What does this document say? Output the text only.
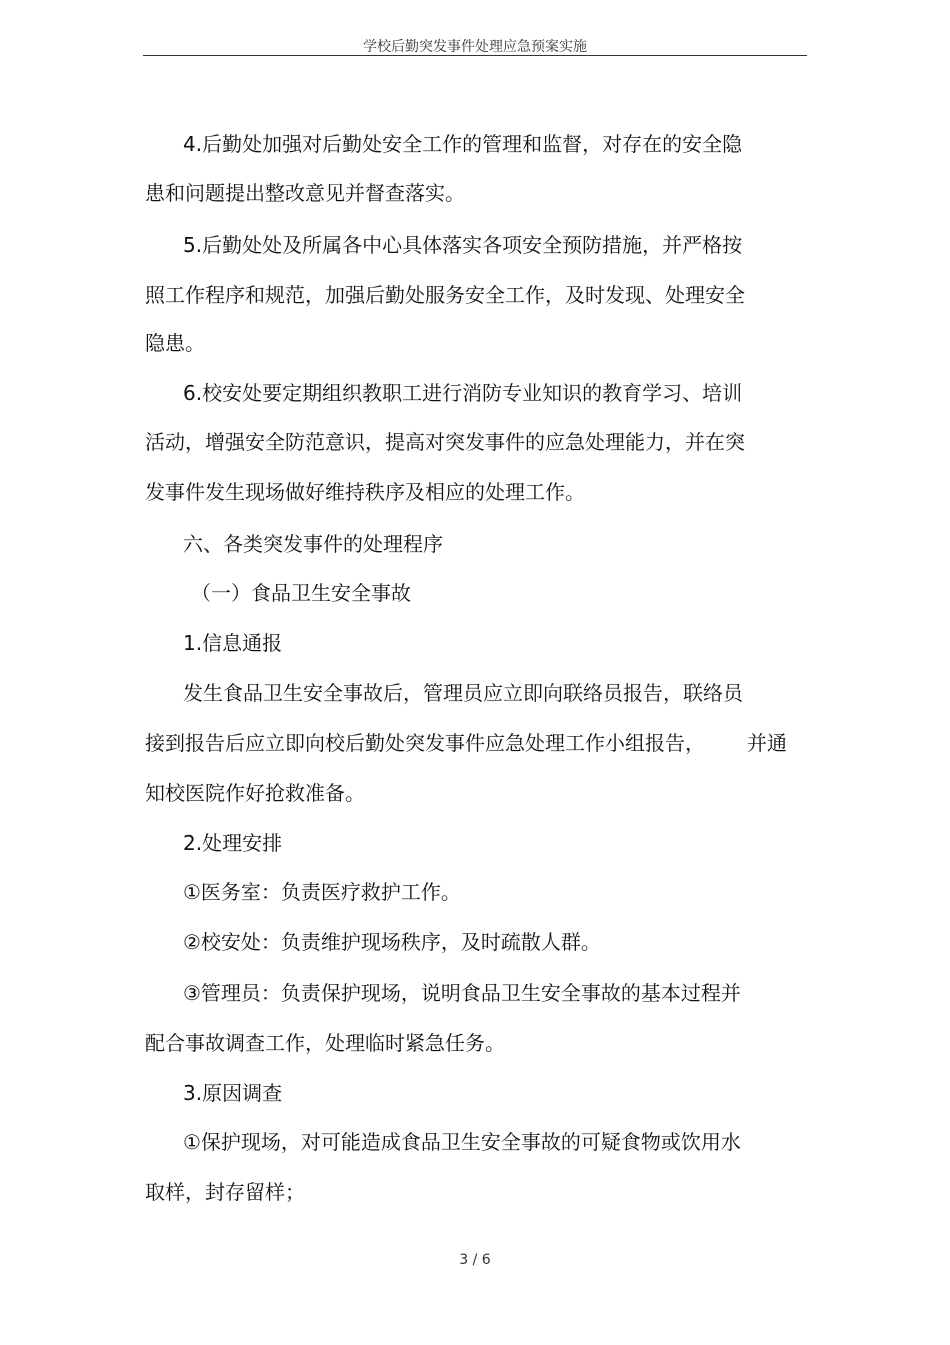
学校后勤突发事件处理应急预案实施
4.后勤处加强对后勤处安全工作的管理和监督，对存在的安全隐
患和问题提出整改意见并督查落实。
5.后勤处处及所属各中心具体落实各项安全预防措施，并严格按
照工作程序和规范，加强后勤处服务安全工作，及时发现、处理安全
隐患。
6.校安处要定期组织教职工进行消防专业知识的教育学习、培训
活动，增强安全防范意识，提高对突发事件的应急处理能力，并在突
发事件发生现场做好维持秩序及相应的处理工作。
六、各类突发事件的处理程序
（一）食品卫生安全事故
1.信息通报
发生食品卫生安全事故后，管理员应立即向联络员报告，联络员
接到报告后应立即向校后勤处突发事件应急处理工作小组报告， 并通
知校医院作好抢救准备。
2.处理安排
①医务室：负责医疗救护工作。
②校安处：负责维护现场秩序，及时疏散人群。
③管理员：负责保护现场，说明食品卫生安全事故的基本过程并
配合事故调查工作，处理临时紧急任务。
3.原因调查
①保护现场，对可能造成食品卫生安全事故的可疑食物或饮用水
取样，封存留样；
3 / 6
